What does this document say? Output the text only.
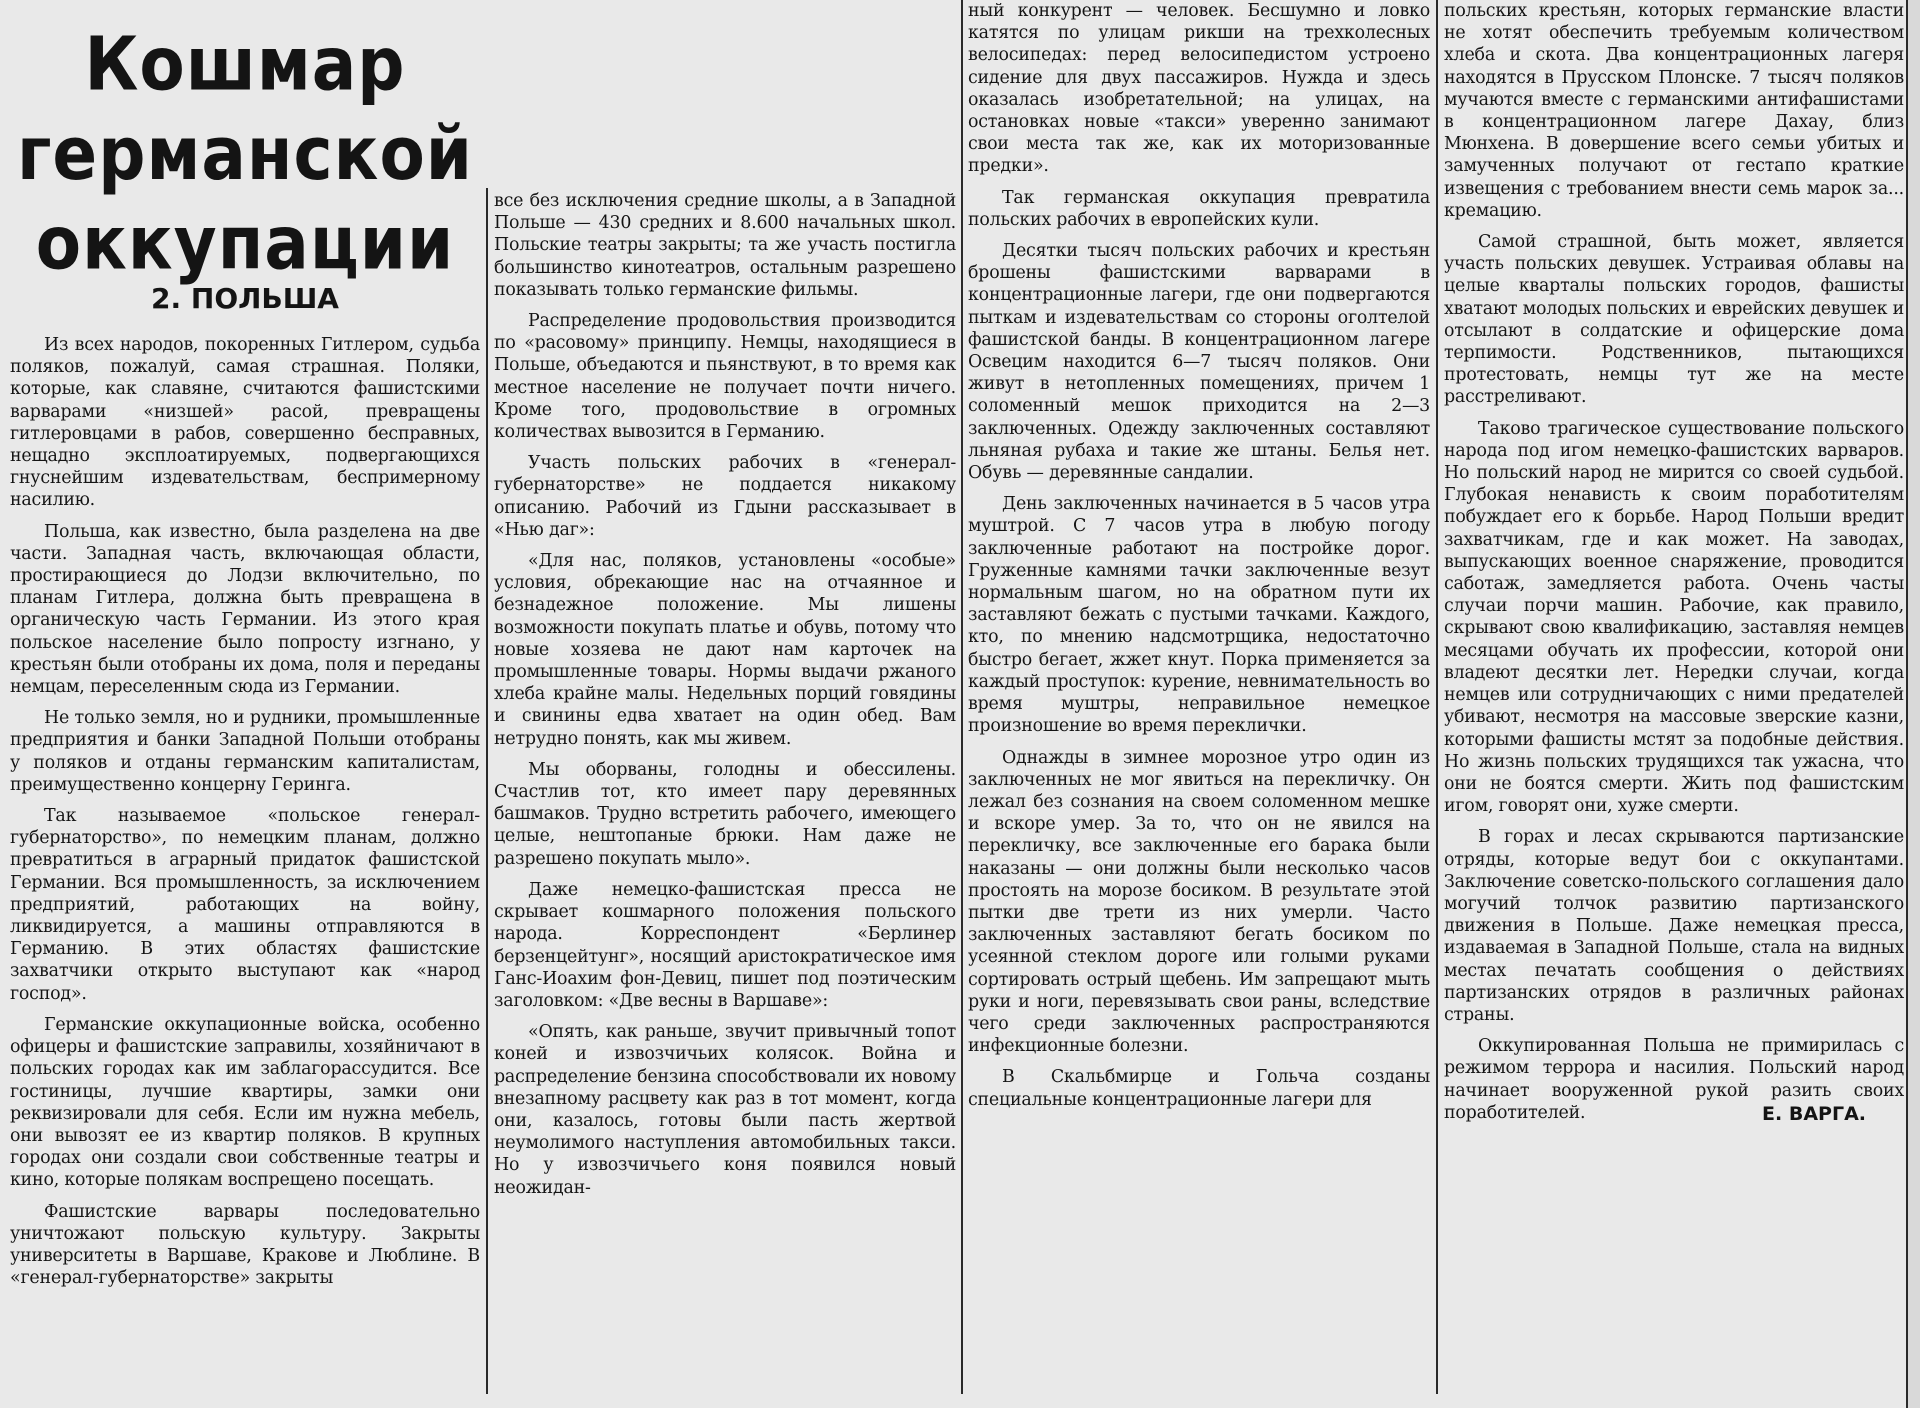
Кошмар германской
оккупации
2. ПОЛЬША

Из всех народов, покоренных Гитлером, судьба поляков, пожалуй, самая страшная. Поляки, которые, как славяне, считаются фашистскими варварами «низшей» расой, превращены гитлеровцами в рабов, совершенно бесправных, нещадно эксплоатируемых, подвергающихся гнуснейшим издевательствам, беспримерному насилию.

Польша, как известно, была разделена на две части. Западная часть, включающая области, простирающиеся до Лодзи включительно, по планам Гитлера, должна быть превращена в органическую часть Германии. Из этого края польское население было попросту изгнано, у крестьян были отобраны их дома, поля и переданы немцам, переселенным сюда из Германии.

Не только земля, но и рудники, промышленные предприятия и банки Западной Польши отобраны у поляков и отданы германским капиталистам, преимущественно концерну Геринга.

Так называемое «польское генерал-губернаторство», по немецким планам, должно превратиться в аграрный придаток фашистской Германии. Вся промышленность, за исключением предприятий, работающих на войну, ликвидируется, а машины отправляются в Германию. В этих областях фашистские захватчики открыто выступают как «народ господ».

Германские оккупационные войска, особенно офицеры и фашистские заправилы, хозяйничают в польских городах как им заблагорассудится. Все гостиницы, лучшие квартиры, замки они реквизировали для себя. Если им нужна мебель, они вывозят ее из квартир поляков. В крупных городах они создали свои собственные театры и кино, которые полякам воспрещено посещать.

Фашистские варвары последовательно уничтожают польскую культуру. Закрыты университеты в Варшаве, Кракове и Люблине. В «генерал-губернаторстве» закрыты

все без исключения средние школы, а в Западной Польше — 430 средних и 8.600 начальных школ. Польские театры закрыты; та же участь постигла большинство кинотеатров, остальным разрешено показывать только германские фильмы.

Распределение продовольствия производится по «расовому» принципу. Немцы, находящиеся в Польше, объедаются и пьянствуют, в то время как местное население не получает почти ничего. Кроме того, продовольствие в огромных количествах вывозится в Германию.

Участь польских рабочих в «генерал-губернаторстве» не поддается никакому описанию. Рабочий из Гдыни рассказывает в «Нью даг»:

«Для нас, поляков, установлены «особые» условия, обрекающие нас на отчаянное и безнадежное положение. Мы лишены возможности покупать платье и обувь, потому что новые хозяева не дают нам карточек на промышленные товары. Нормы выдачи ржаного хлеба крайне малы. Недельных порций говядины и свинины едва хватает на один обед. Вам нетрудно понять, как мы живем.

Мы оборваны, голодны и обессилены. Счастлив тот, кто имеет пару деревянных башмаков. Трудно встретить рабочего, имеющего целые, нештопаные брюки. Нам даже не разрешено покупать мыло».

Даже немецко-фашистская пресса не скрывает кошмарного положения польского народа. Корреспондент «Берлинер берзенцейтунг», носящий аристократическое имя Ганс-Иоахим фон-Девиц, пишет под поэтическим заголовком: «Две весны в Варшаве»:

«Опять, как раньше, звучит привычный топот коней и извозчичьих колясок. Война и распределение бензина способствовали их новому внезапному расцвету как раз в тот момент, когда они, казалось, готовы были пасть жертвой неумолимого наступления автомобильных такси. Но у извозчичьего коня появился новый неожидан-

ный конкурент — человек. Бесшумно и ловко катятся по улицам рикши на трехколесных велосипедах: перед велосипедистом устроено сидение для двух пассажиров. Нужда и здесь оказалась изобретательной; на улицах, на остановках новые «такси» уверенно занимают свои места так же, как их моторизованные предки».

Так германская оккупация превратила польских рабочих в европейских кули.

Десятки тысяч польских рабочих и крестьян брошены фашистскими варварами в концентрационные лагери, где они подвергаются пыткам и издевательствам со стороны оголтелой фашистской банды. В концентрационном лагере Освецим находится 6—7 тысяч поляков. Они живут в нетопленных помещениях, причем 1 соломенный мешок приходится на 2—3 заключенных. Одежду заключенных составляют льняная рубаха и такие же штаны. Белья нет. Обувь — деревянные сандалии.

День заключенных начинается в 5 часов утра муштрой. С 7 часов утра в любую погоду заключенные работают на постройке дорог. Груженные камнями тачки заключенные везут нормальным шагом, но на обратном пути их заставляют бежать с пустыми тачками. Каждого, кто, по мнению надсмотрщика, недостаточно быстро бегает, жжет кнут. Порка применяется за каждый проступок: курение, невнимательность во время муштры, неправильное немецкое произношение во время переклички.

Однажды в зимнее морозное утро один из заключенных не мог явиться на перекличку. Он лежал без сознания на своем соломенном мешке и вскоре умер. За то, что он не явился на перекличку, все заключенные его барака были наказаны — они должны были несколько часов простоять на морозе босиком. В результате этой пытки две трети из них умерли. Часто заключенных заставляют бегать босиком по усеянной стеклом дороге или голыми руками сортировать острый щебень. Им запрещают мыть руки и ноги, перевязывать свои раны, вследствие чего среди заключенных распространяются инфекционные болезни.

В Скальбмирце и Гольча созданы специальные концентрационные лагери для

польских крестьян, которых германские власти не хотят обеспечить требуемым количеством хлеба и скота. Два концентрационных лагеря находятся в Прусском Плонске. 7 тысяч поляков мучаются вместе с германскими антифашистами в концентрационном лагере Дахау, близ Мюнхена. В довершение всего семьи убитых и замученных получают от гестапо краткие извещения с требованием внести семь марок за... кремацию.

Самой страшной, быть может, является участь польских девушек. Устраивая облавы на целые кварталы польских городов, фашисты хватают молодых польских и еврейских девушек и отсылают в солдатские и офицерские дома терпимости. Родственников, пытающихся протестовать, немцы тут же на месте расстреливают.

Таково трагическое существование польского народа под игом немецко-фашистских варваров. Но польский народ не мирится со своей судьбой. Глубокая ненависть к своим поработителям побуждает его к борьбе. Народ Польши вредит захватчикам, где и как может. На заводах, выпускающих военное снаряжение, проводится саботаж, замедляется работа. Очень часты случаи порчи машин. Рабочие, как правило, скрывают свою квалификацию, заставляя немцев месяцами обучать их профессии, которой они владеют десятки лет. Нередки случаи, когда немцев или сотрудничающих с ними предателей убивают, несмотря на массовые зверские казни, которыми фашисты мстят за подобные действия. Но жизнь польских трудящихся так ужасна, что они не боятся смерти. Жить под фашистским игом, говорят они, хуже смерти.

В горах и лесах скрываются партизанские отряды, которые ведут бои с оккупантами. Заключение советско-польского соглашения дало могучий толчок развитию партизанского движения в Польше. Даже немецкая пресса, издаваемая в Западной Польше, стала на видных местах печатать сообщения о действиях партизанских отрядов в различных районах страны.

Оккупированная Польша не примирилась с режимом террора и насилия. Польский народ начинает вооруженной рукой разить своих поработителей.	Е. ВАРГА.
